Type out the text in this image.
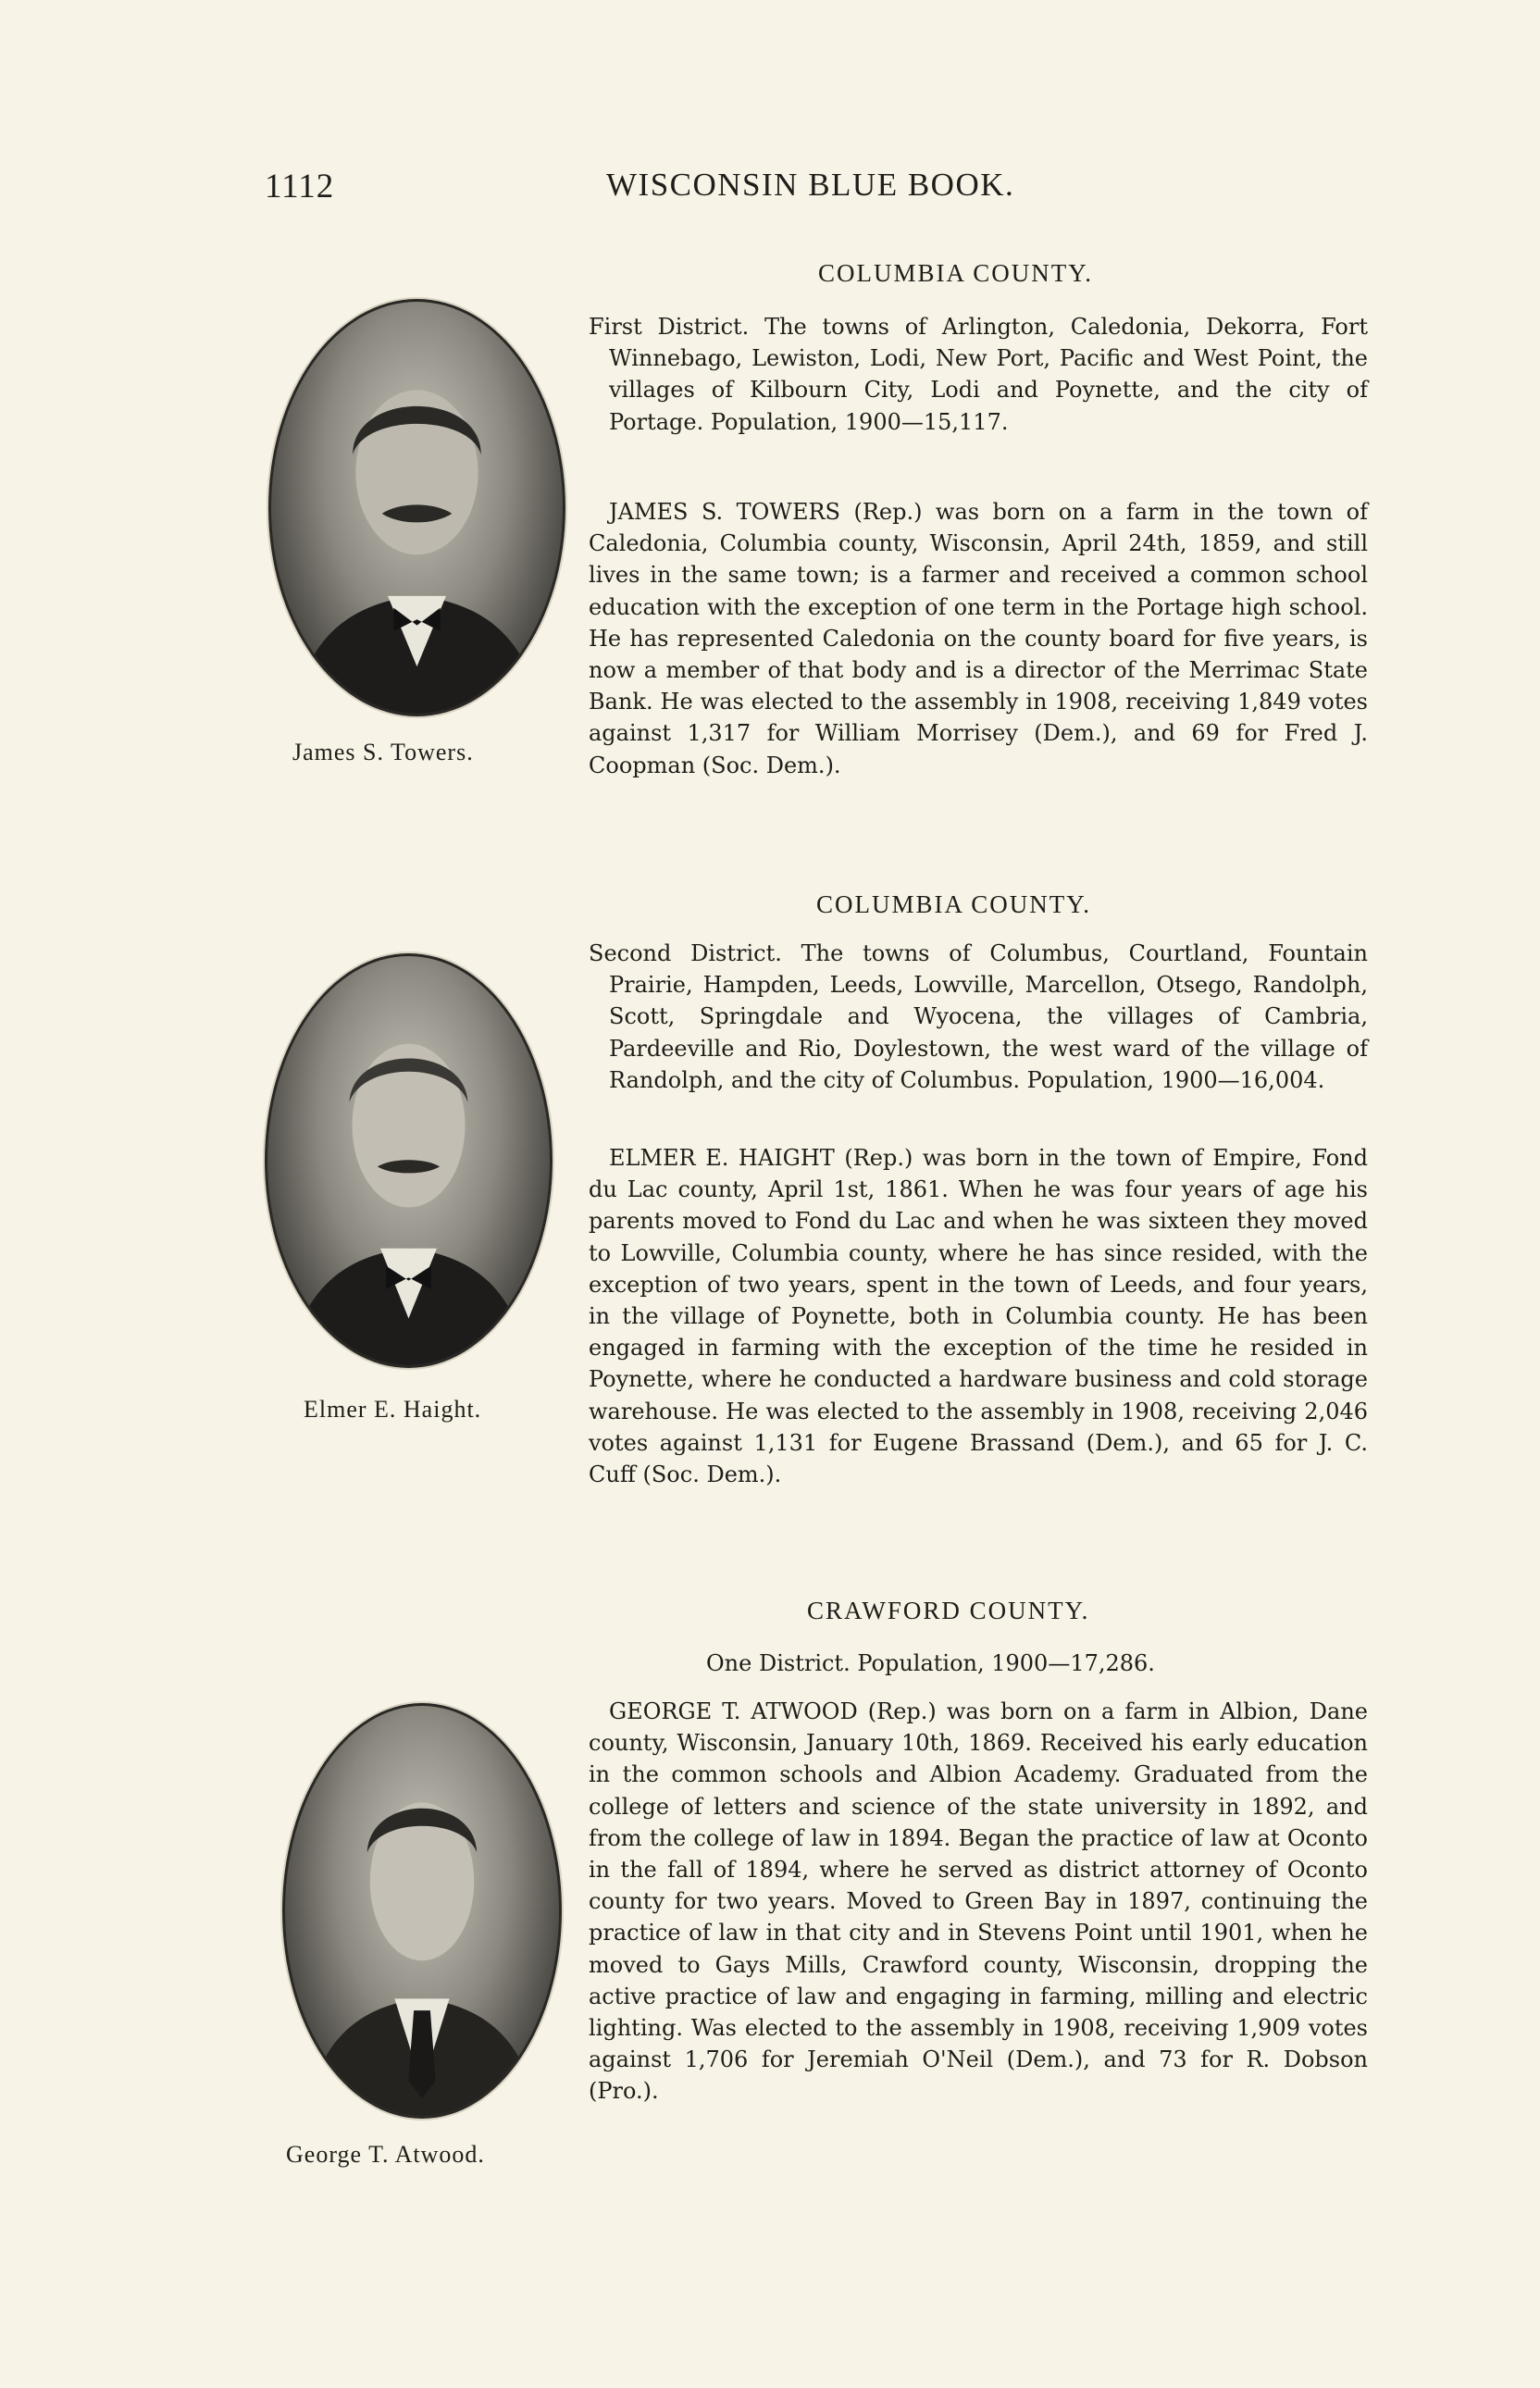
1112	WISCONSIN BLUE BOOK.
COLUMBIA COUNTY.

First District. The towns of Arlington, Caledonia, Dekorra, Fort Winnebago, Lewiston, Lodi, New Port, Pacific and West Point, the villages of Kilbourn City, Lodi and Poynette, and the city of Portage. Population, 1900—15,117.

JAMES S. TOWERS (Rep.) was born on a farm in the town of Caledonia, Columbia county, Wisconsin, April 24th, 1859, and still lives in the same town; is a farmer and received a common school education with the exception of one term in the Portage high school. He has represented Caledonia on the county board for five years, is now a member of that body and is a director of the Merrimac State Bank. He was elected to the assembly in 1908, receiving 1,849 votes against 1,317 for William Morrisey (Dem.), and 69 for Fred J. Coopman (Soc. Dem.).

James S. Towers.
COLUMBIA COUNTY.

Second District. The towns of Columbus, Courtland, Fountain Prairie, Hampden, Leeds, Lowville, Marcellon, Otsego, Randolph, Scott, Springdale and Wyocena, the villages of Cambria, Pardeeville and Rio, Doylestown, the west ward of the village of Randolph, and the city of Columbus. Population, 1900—16,004.

ELMER E. HAIGHT (Rep.) was born in the town of Empire, Fond du Lac county, April 1st, 1861. When he was four years of age his parents moved to Fond du Lac and when he was sixteen they moved to Lowville, Columbia county, where he has since resided, with the exception of two years, spent in the town of Leeds, and four years, in the village of Poynette, both in Columbia county. He has been engaged in farming with the exception of the time he resided in Poynette, where he conducted a hardware business and cold storage warehouse. He was elected to the assembly in 1908, receiving 2,046 votes against 1,131 for Eugene Brassand (Dem.), and 65 for J. C. Cuff (Soc. Dem.).

Elmer E. Haight.
CRAWFORD COUNTY.
One District. Population, 1900—17,286.

GEORGE T. ATWOOD (Rep.) was born on a farm in Albion, Dane county, Wisconsin, January 10th, 1869. Received his early education in the common schools and Albion Academy. Graduated from the college of letters and science of the state university in 1892, and from the college of law in 1894. Began the practice of law at Oconto in the fall of 1894, where he served as district attorney of Oconto county for two years. Moved to Green Bay in 1897, continuing the practice of law in that city and in Stevens Point until 1901, when he moved to Gays Mills, Crawford county, Wisconsin, dropping the active practice of law and engaging in farming, milling and electric lighting. Was elected to the assembly in 1908, receiving 1,909 votes against 1,706 for Jeremiah O'Neil (Dem.), and 73 for R. Dobson (Pro.).

George T. Atwood.
